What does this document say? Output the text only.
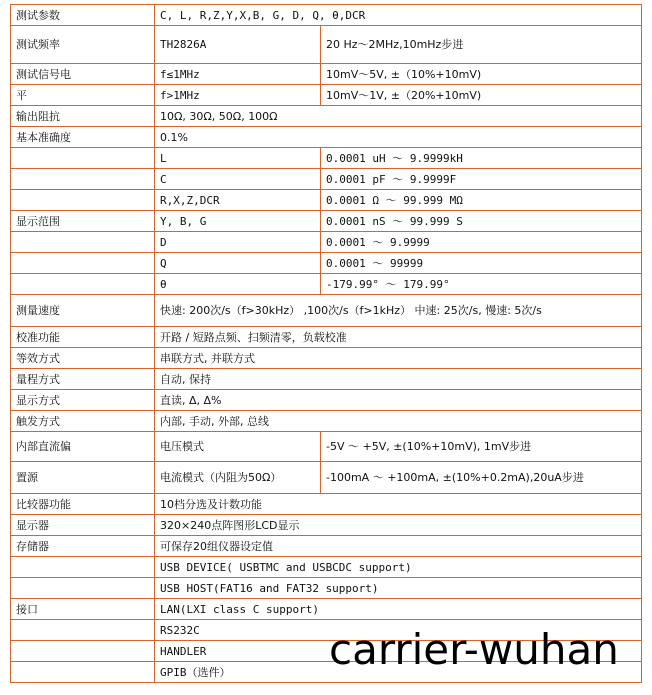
测试参数	C, L, R,Z,Y,X,B, G, D, Q, θ,DCR	
测试频率	TH2826A	20 Hz～2MHz,10mHz步进
测试信号电	f≤1MHz	10mV～5V, ±（10%+10mV)
平	f>1MHz	10mV～1V, ±（20%+10mV)
输出阻抗	10Ω, 30Ω, 50Ω, 100Ω	
基本准确度	0.1%	
	L	0.0001 uH ～ 9.9999kH
	C	0.0001 pF ～ 9.9999F
	R,X,Z,DCR	0.0001 Ω ～ 99.999 MΩ
显示范围	Y, B, G	0.0001 nS ～ 99.999 S
	D	0.0001 ～ 9.9999
	Q	0.0001 ～ 99999
	θ	-179.99° ～ 179.99°
测量速度	快速: 200次/s（f>30kHz） ,100次/s（f>1kHz） 中速: 25次/s, 慢速: 5次/s	
校准功能	开路 / 短路点频、扫频清零，负载校准	
等效方式	串联方式, 并联方式	
量程方式	自动, 保持	
显示方式	直读, Δ, Δ%	
触发方式	内部, 手动, 外部, 总线	
内部直流偏	电压模式	-5V ～ +5V, ±(10%+10mV), 1mV步进
置源	电流模式（内阻为50Ω）	-100mA ～ +100mA, ±(10%+0.2mA),20uA步进
比较器功能	10档分选及计数功能	
显示器	320×240点阵图形LCD显示	
存储器	可保存20组仪器设定值	
	USB DEVICE( USBTMC and USBCDC support)	
	USB HOST(FAT16 and FAT32 support)	
接口	LAN(LXI class C support)	
	RS232C	
	HANDLER	
	GPIB（选件）	carrier-wuhan
